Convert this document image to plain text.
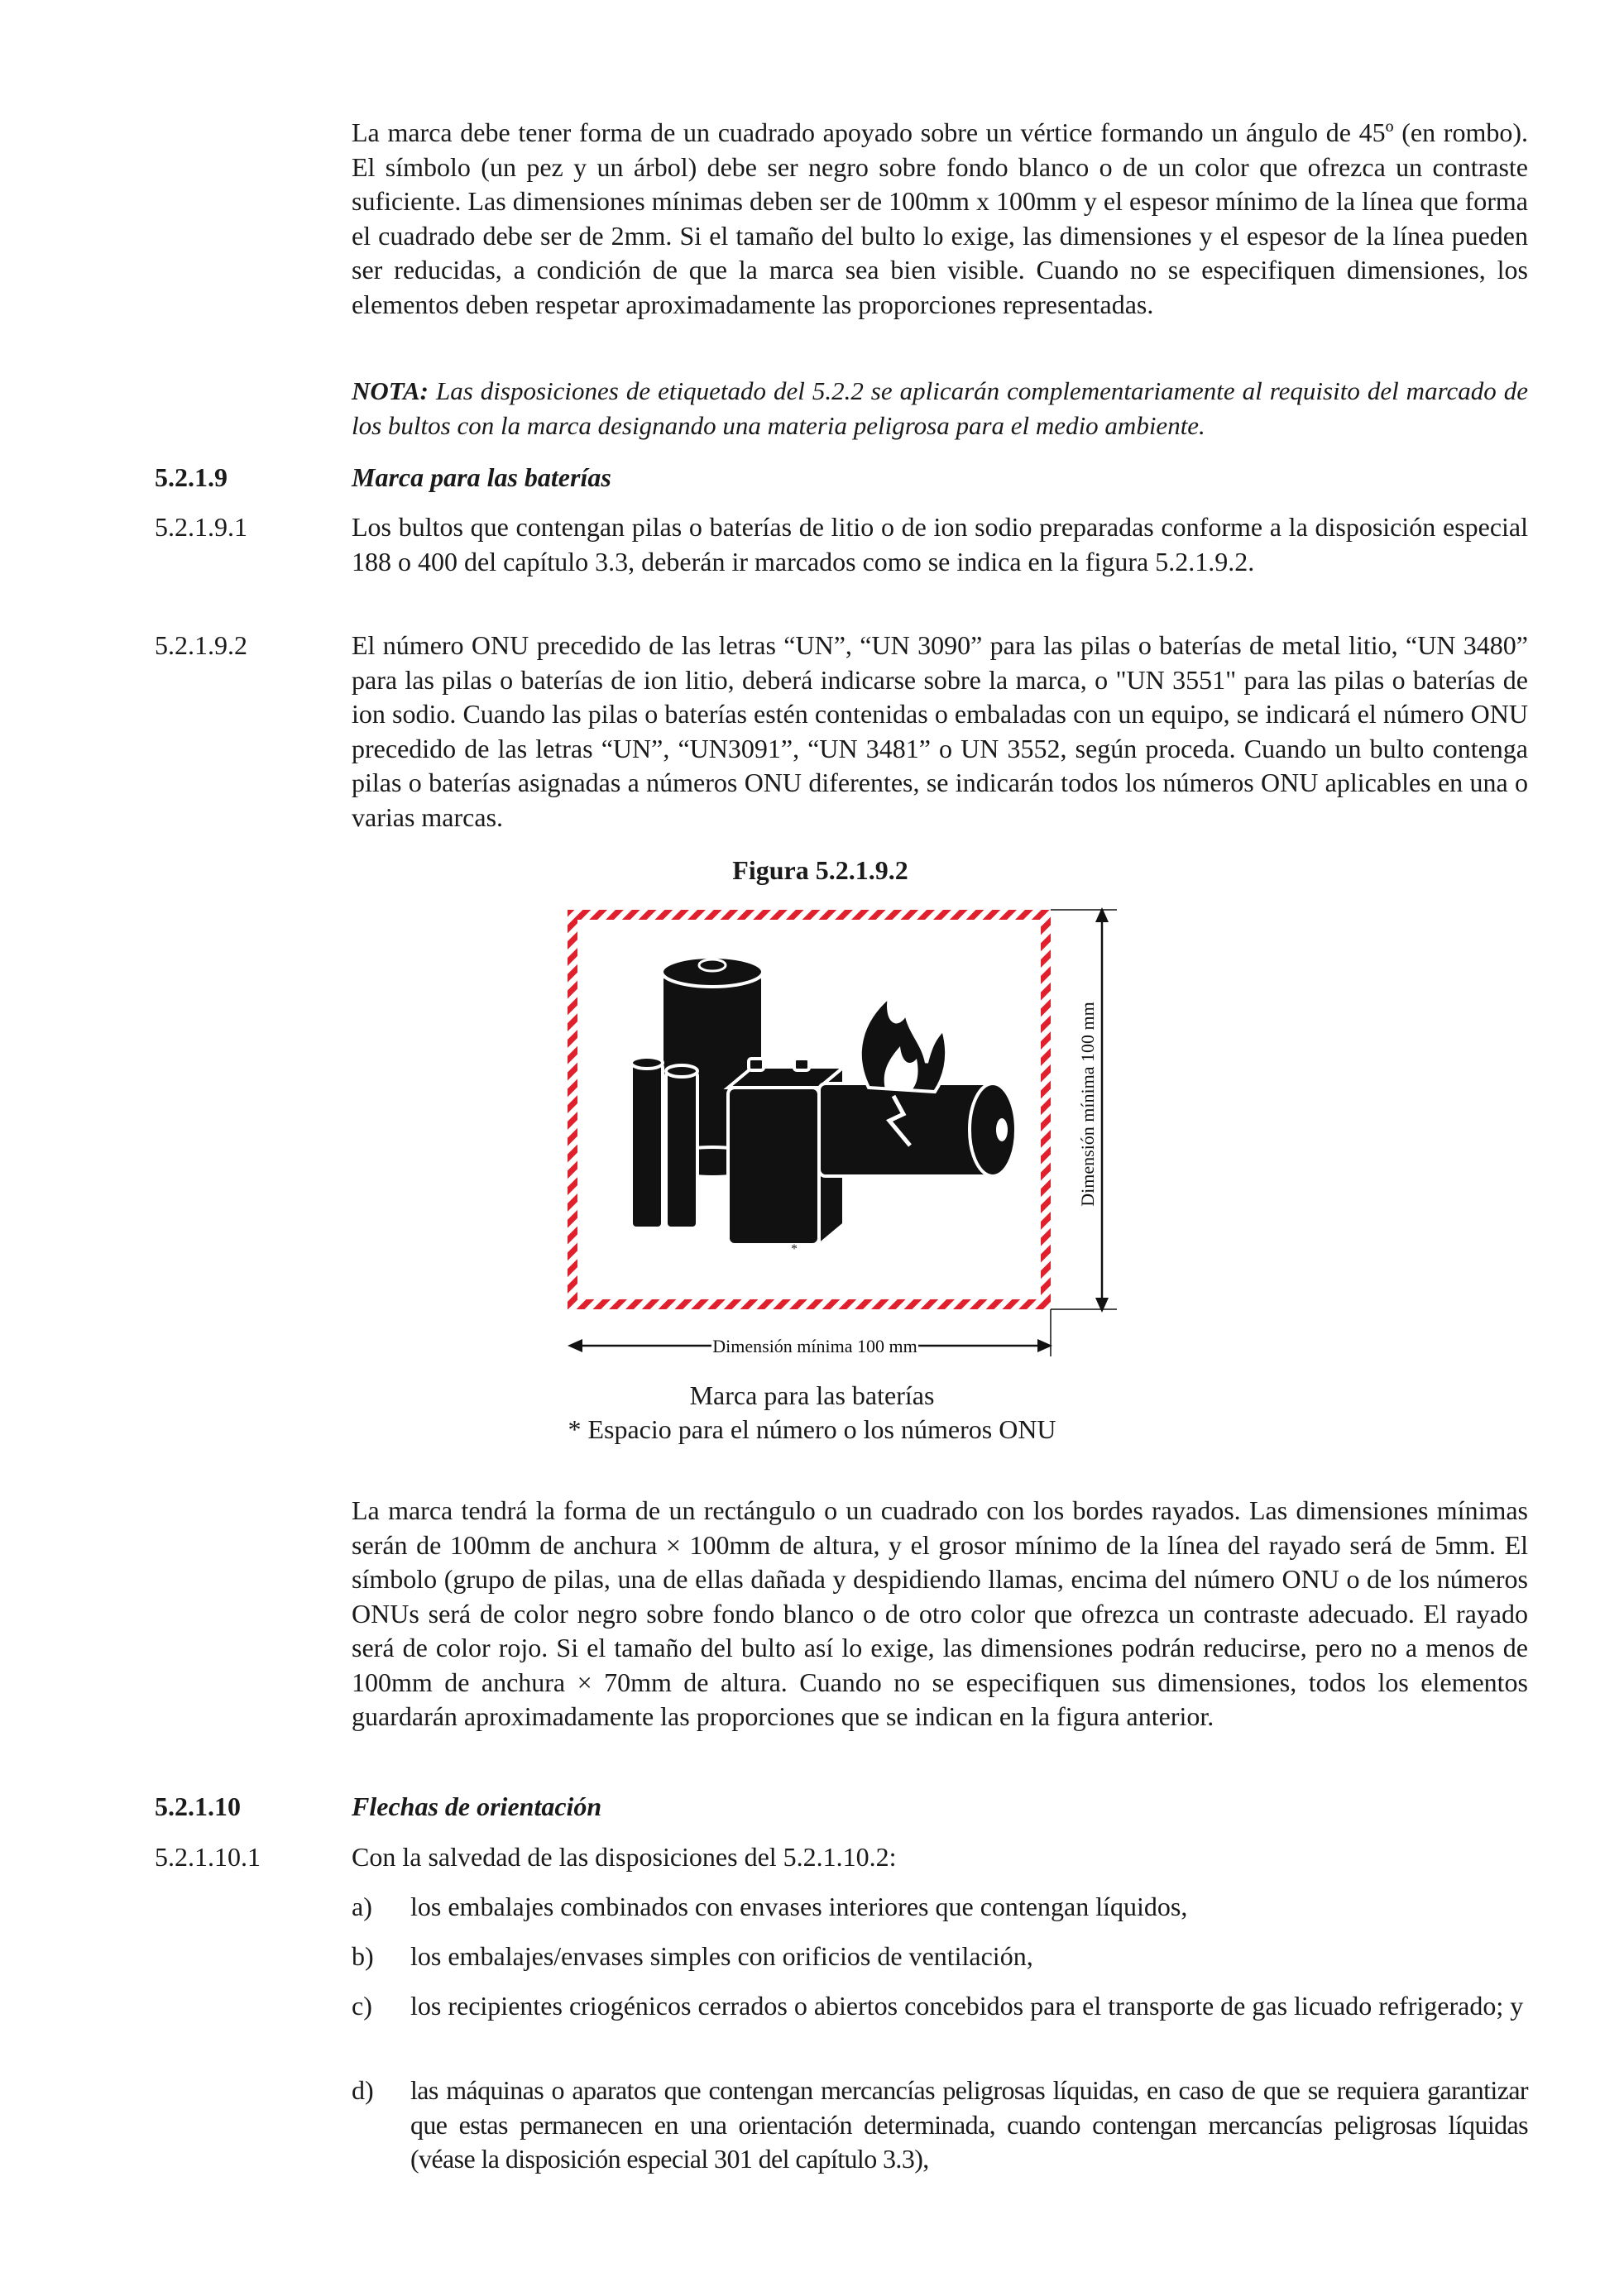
La marca debe tener forma de un cuadrado apoyado sobre un vértice formando un ángulo de 45º (en rombo). El símbolo (un pez y un árbol) debe ser negro sobre fondo blanco o de un color que ofrezca un contraste suficiente. Las dimensiones mínimas deben ser de 100mm x 100mm y el espesor mínimo de la línea que forma el cuadrado debe ser de 2mm. Si el tamaño del bulto lo exige, las dimensiones y el espesor de la línea pueden ser reducidas, a condición de que la marca sea bien visible. Cuando no se especifiquen dimensiones, los elementos deben respetar aproximadamente las proporciones representadas.

NOTA: Las disposiciones de etiquetado del 5.2.2 se aplicarán complementariamente al requisito del marcado de los bultos con la marca designando una materia peligrosa para el medio ambiente.

5.2.1.9	Marca para las baterías

5.2.1.9.1	Los bultos que contengan pilas o baterías de litio o de ion sodio preparadas conforme a la disposición especial 188 o 400 del capítulo 3.3, deberán ir marcados como se indica en la figura 5.2.1.9.2.

5.2.1.9.2	El número ONU precedido de las letras “UN”, “UN 3090” para las pilas o baterías de metal litio, “UN 3480” para las pilas o baterías de ion litio, deberá indicarse sobre la marca, o "UN 3551" para las pilas o baterías de ion sodio. Cuando las pilas o baterías estén contenidas o embaladas con un equipo, se indicará el número ONU precedido de las letras “UN”, “UN3091”, “UN 3481” o UN 3552, según proceda. Cuando un bulto contenga pilas o baterías asignadas a números ONU diferentes, se indicarán todos los números ONU aplicables en una o varias marcas.

Figura 5.2.1.9.2

*
Dimensión mínima 100 mm
Dimensión mínima 100 mm

Marca para las baterías

* Espacio para el número o los números ONU

La marca tendrá la forma de un rectángulo o un cuadrado con los bordes rayados. Las dimensiones mínimas serán de 100mm de anchura × 100mm de altura, y el grosor mínimo de la línea del rayado será de 5mm. El símbolo (grupo de pilas, una de ellas dañada y despidiendo llamas, encima del número ONU o de los números ONUs será de color negro sobre fondo blanco o de otro color que ofrezca un contraste adecuado. El rayado será de color rojo. Si el tamaño del bulto así lo exige, las dimensiones podrán reducirse, pero no a menos de 100mm de anchura × 70mm de altura. Cuando no se especifiquen sus dimensiones, todos los elementos guardarán aproximadamente las proporciones que se indican en la figura anterior.

5.2.1.10	Flechas de orientación

5.2.1.10.1	Con la salvedad de las disposiciones del 5.2.1.10.2:

a) los embalajes combinados con envases interiores que contengan líquidos,

b) los embalajes/envases simples con orificios de ventilación,

c) los recipientes criogénicos cerrados o abiertos concebidos para el transporte de gas licuado refrigerado; y

d) las máquinas o aparatos que contengan mercancías peligrosas líquidas, en caso de que se requiera garantizar que estas permanecen en una orientación determinada, cuando contengan mercancías peligrosas líquidas (véase la disposición especial 301 del capítulo 3.3),
